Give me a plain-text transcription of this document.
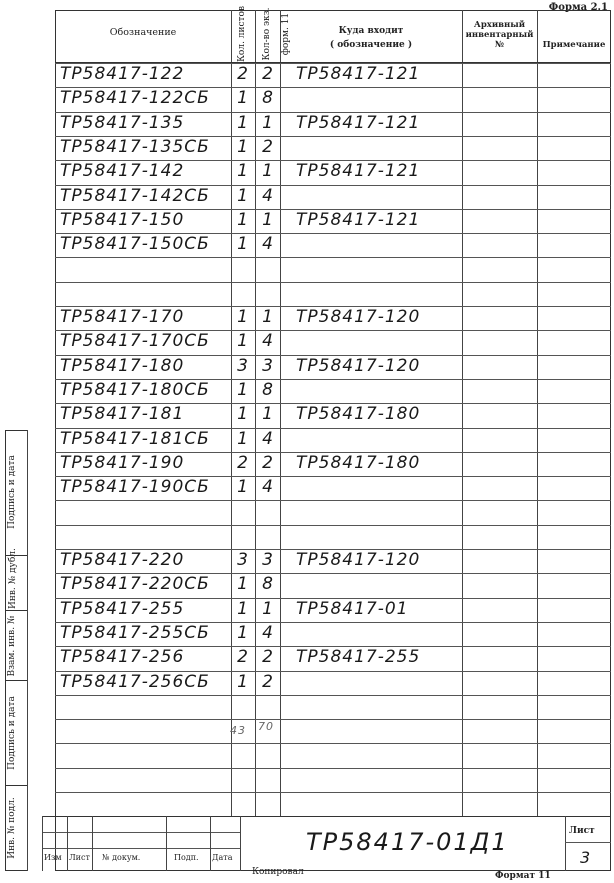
Форма 2.1
Обозначение	Кол. листов Кол-во экз. форм. 11	Куда входит
( обозначение )
Архивный инвентарный №	Примечание
ТР58417-122	2 2 ТР58417-121
ТР58417-122СБ 1 8
ТР58417-135	1 1 ТР58417-121
ТР58417-135СБ 1 2
ТР58417-142	1 1 ТР58417-121
ТР58417-142СБ 1 4
ТР58417-150	1 1 ТР58417-121
ТР58417-150СБ 1 4
ТР58417-170	1 1 ТР58417-120
ТР58417-170СБ 1 4
ТР58417-180	3 3 ТР58417-120
ТР58417-180СБ 1 8
ТР58417-181	1 1 ТР58417-180
ТР58417-181СБ 1 4
ТР58417-190	2 2 ТР58417-180
ТР58417-190СБ 1 4
ТР58417-220	3 3 ТР58417-120
ТР58417-220СБ 1 8
ТР58417-255	1 1 ТР58417-01
ТР58417-255СБ 1 4
ТР58417-256	2 2 ТР58417-255
ТР58417-256СБ 1 2
43 70
Изм Лист № докум.	Подп. Дата
ТР58417-01Д1	Лист
3
Копировал	Формат 11
Подпись и дата
Инв. № дубл.
Взам. инв. №
Подпись и дата
Инв. № подл.
